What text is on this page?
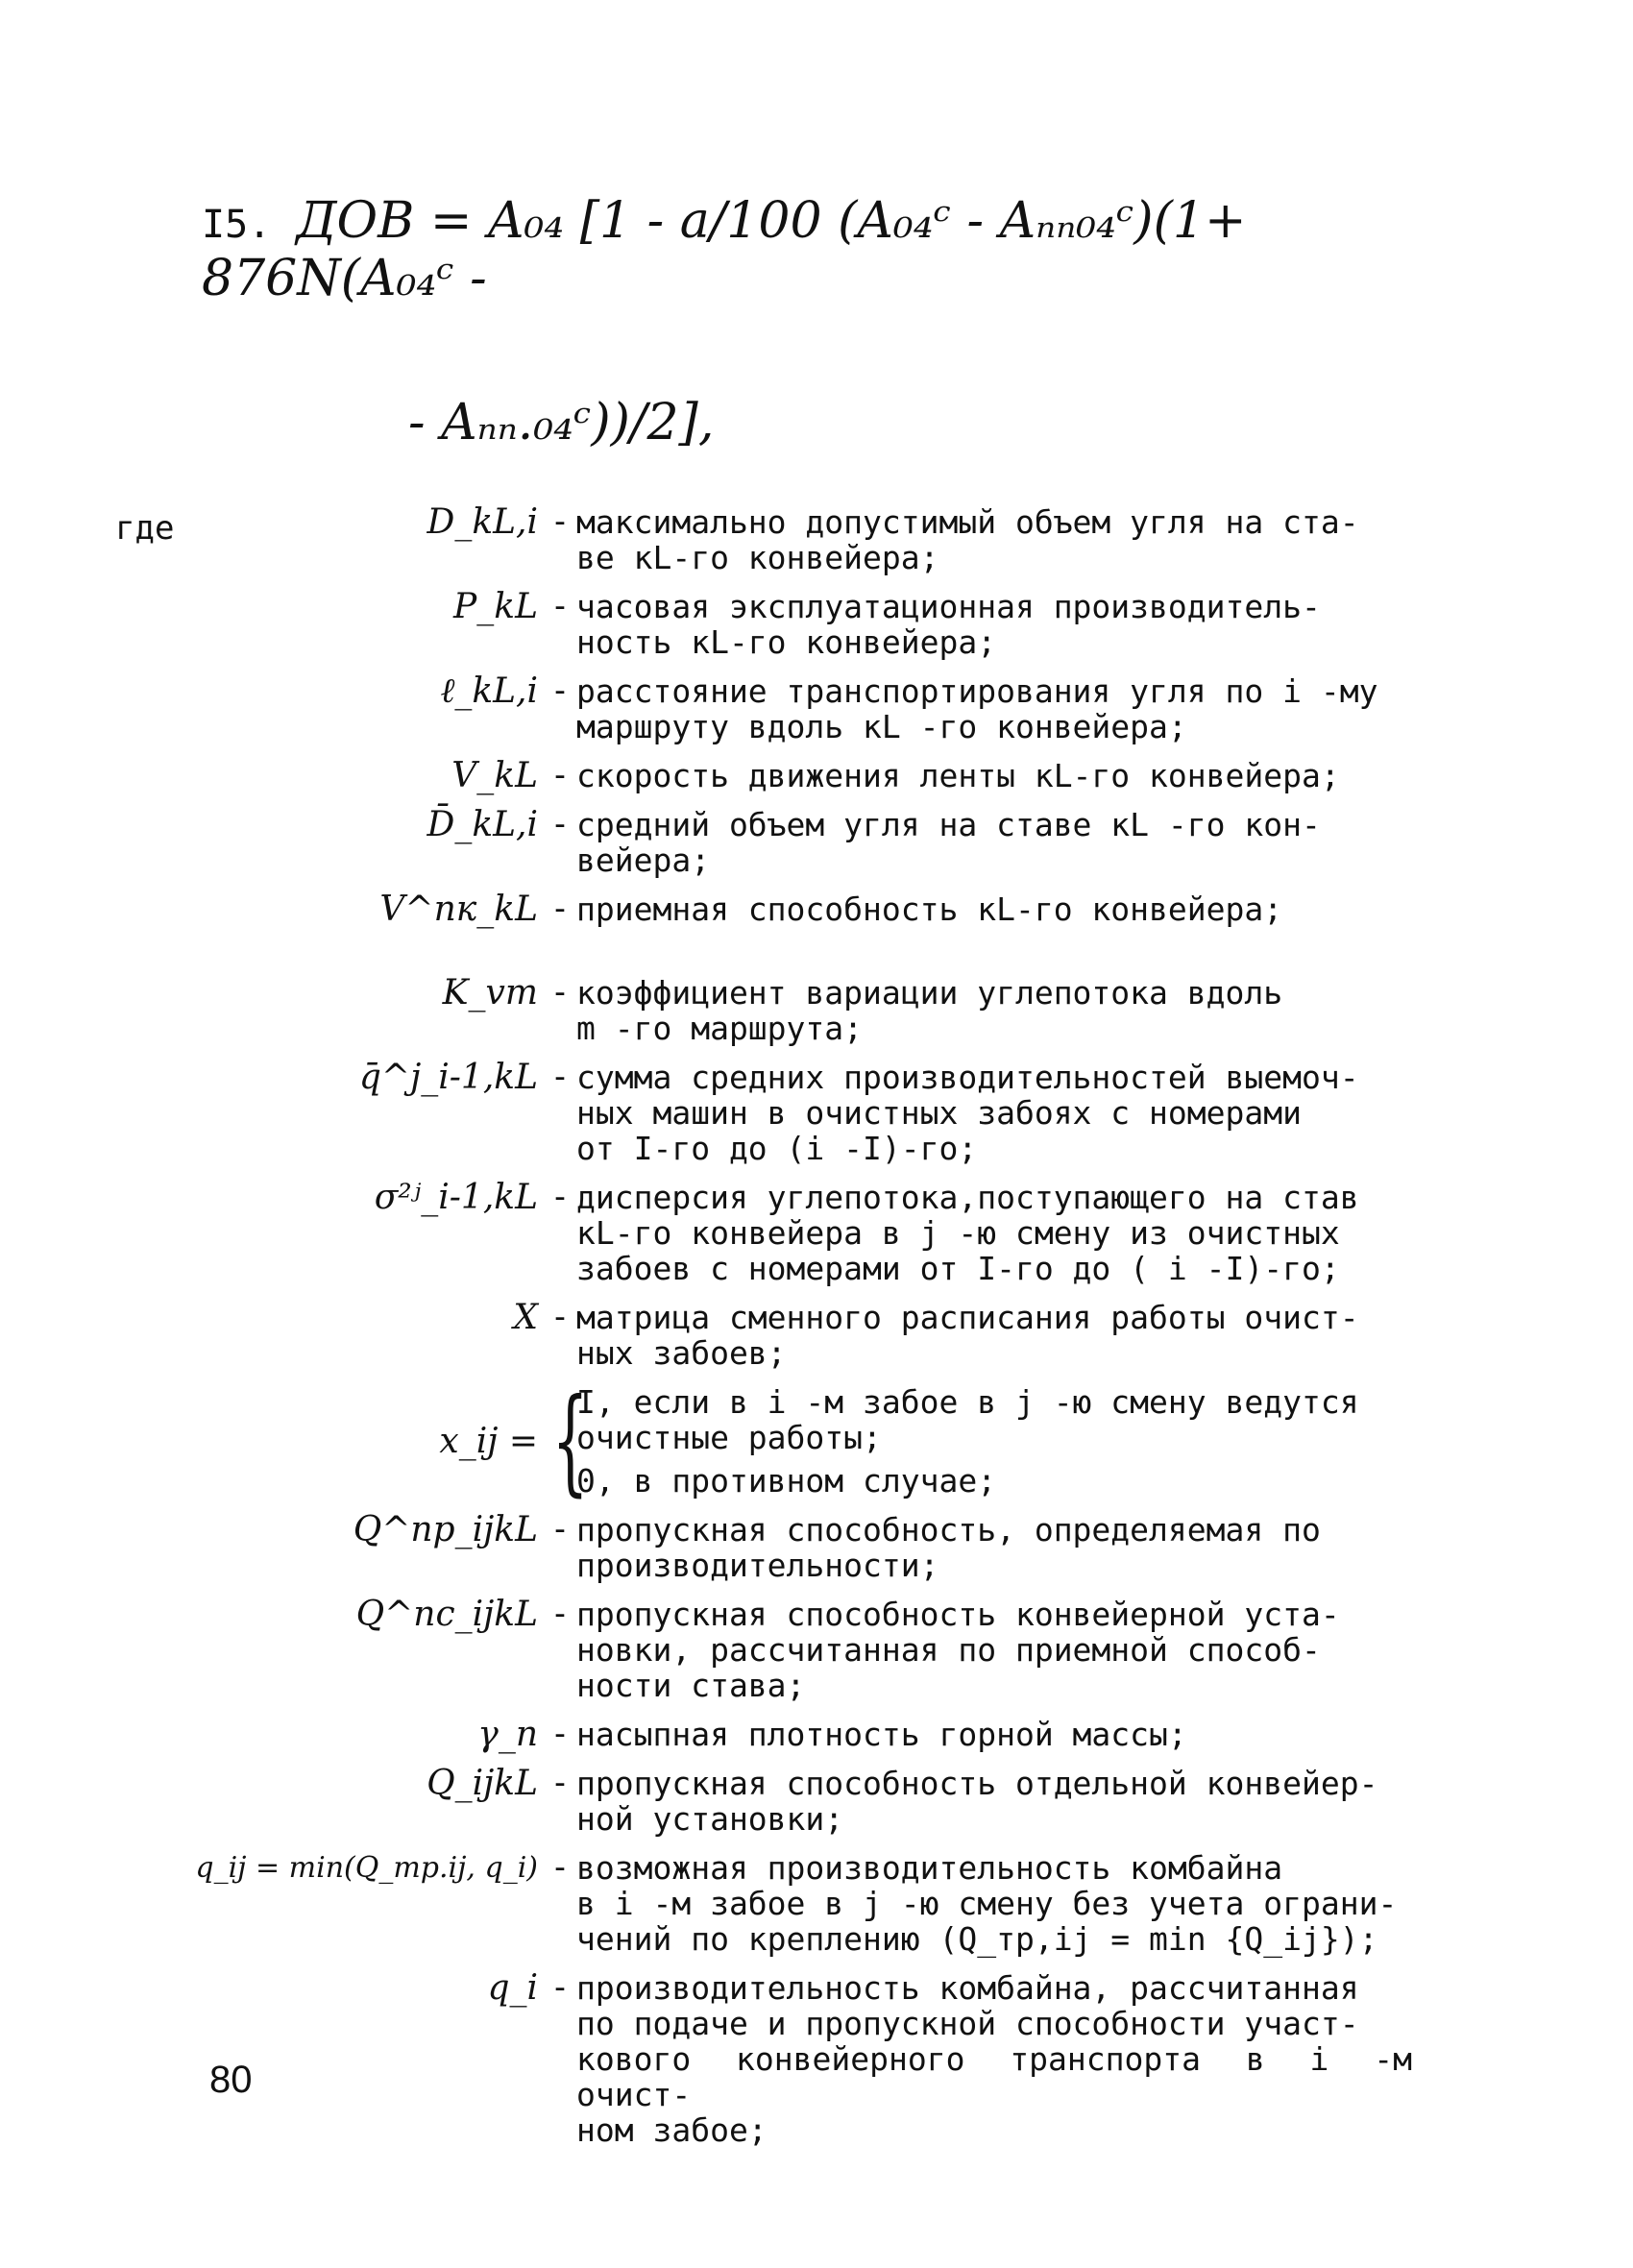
I5. ДОВ = A₀₄ [1 - a/100 (A₀₄ᶜ - Aₙₙ₀₄ᶜ)(1+ 876N(A₀₄ᶜ -
- Aₙₙ.₀₄ᶜ))/2],
где	D_kL,i - максимально допустимый объем угля на ста-
ве кL-го конвейера;
P_kL - часовая эксплуатационная производитель-
ность кL-го конвейера;
ℓ_kL,i - расстояние транспортирования угля по i -му
маршруту вдоль кL -го конвейера;
V_kL - скорость движения ленты кL-го конвейера;
D̄_kL,i - средний объем угля на ставе кL -го кон-
вейера;
V^пк_kL - приемная способность кL-го конвейера;
K_vm - коэффициент вариации углепотока вдоль
m -го маршрута;
q̄^j_i-1,kL - сумма средних производительностей выемоч-
ных машин в очистных забоях с номерами
от I-го до (i -I)-го;
σ²ʲ_i-1,kL - дисперсия углепотока,поступающего на став
кL-го конвейера в j -ю смену из очистных
забоев с номерами от I-го до ( i -I)-го;
X - матрица сменного расписания работы очист-
ных забоев;
x_ij = {
I, если в i -м забое в j -ю смену ведутся
очистные работы;
0, в противном случае;
Q^пр_ijkL - пропускная способность, определяемая по
производительности;
Q^пс_ijkL - пропускная способность конвейерной уста-
новки, рассчитанная по приемной способ-
ности става;
γ_n - насыпная плотность горной массы;
Q_ijkL - пропускная способность отдельной конвейер-
ной установки;
q_ij = min(Q_тр.ij, q_i) - возможная производительность комбайна
в i -м забое в j -ю смену без учета ограни-
чений по креплению (Q_тр,ij = min {Q_ij});
q_i - производительность комбайна, рассчитанная
по подаче и пропускной способности участ-
кового конвейерного транспорта в i -м очист-
ном забое;
80
